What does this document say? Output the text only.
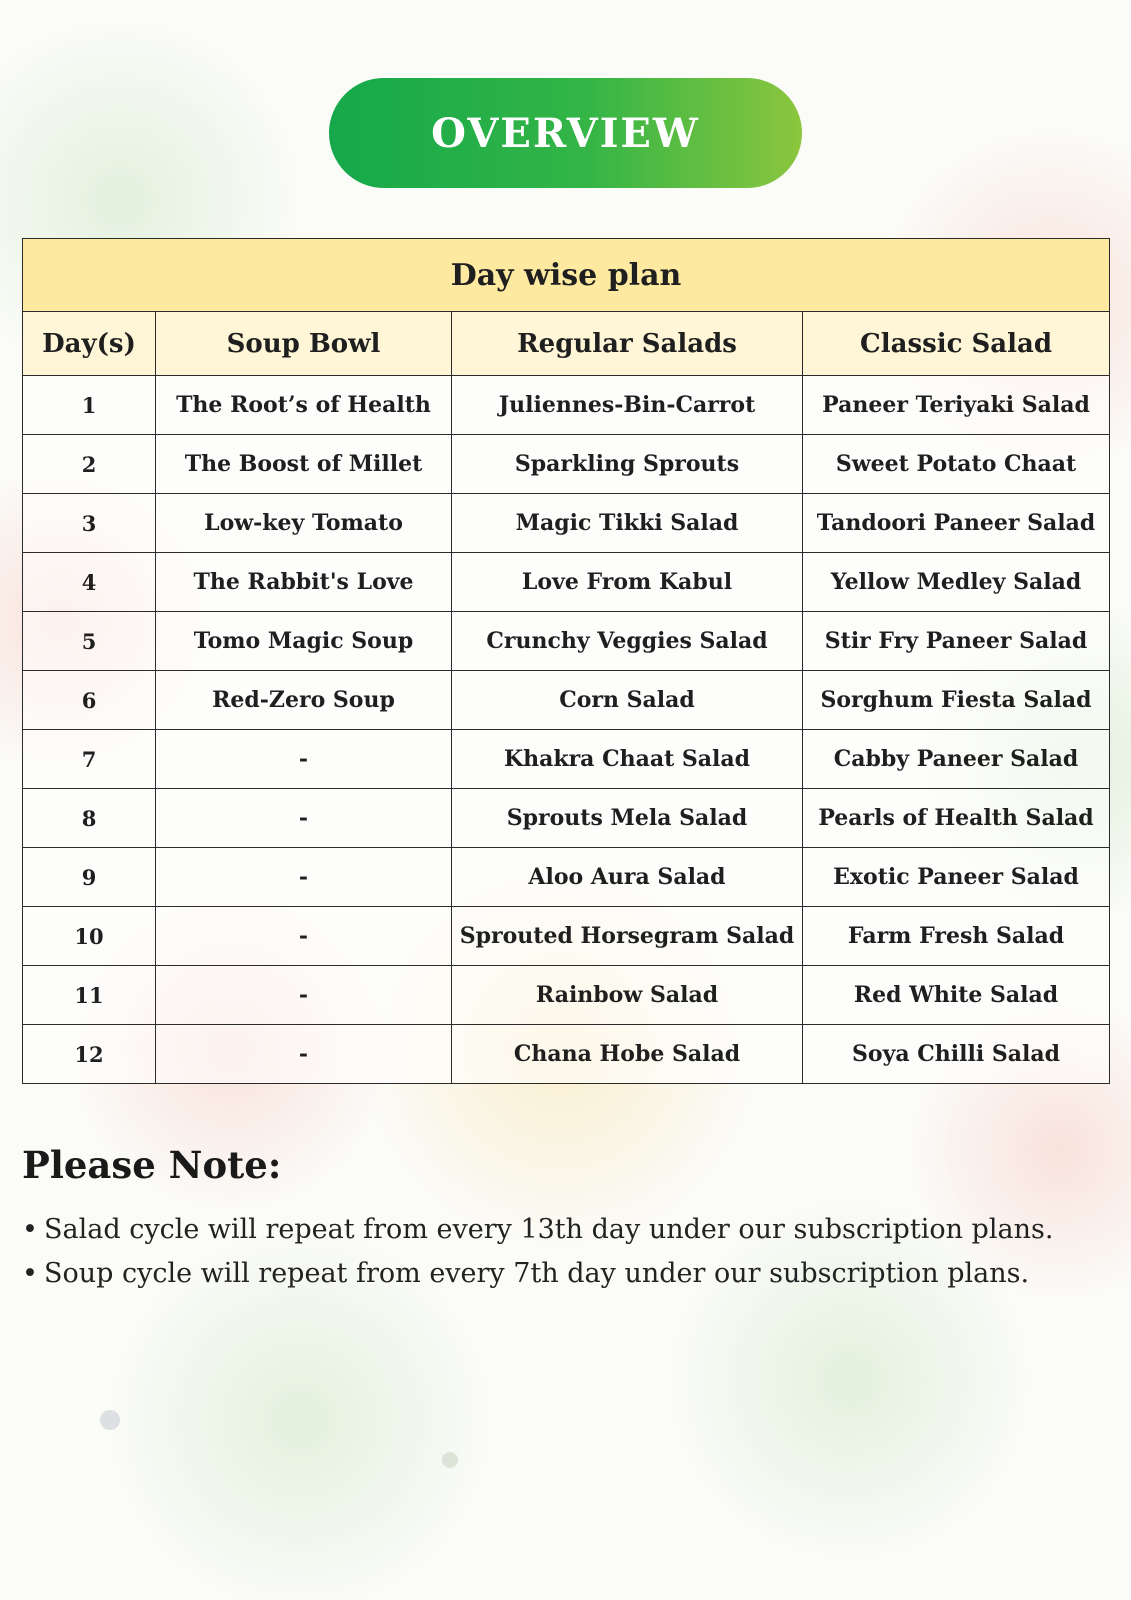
OVERVIEW
Day wise plan			
Day(s)	Soup Bowl	Regular Salads	Classic Salad
1	The Root’s of Health	Juliennes-Bin-Carrot	Paneer Teriyaki Salad
2	The Boost of Millet	Sparkling Sprouts	Sweet Potato Chaat
3	Low-key Tomato	Magic Tikki Salad	Tandoori Paneer Salad
4	The Rabbit's Love	Love From Kabul	Yellow Medley Salad
5	Tomo Magic Soup	Crunchy Veggies Salad	Stir Fry Paneer Salad
6	Red-Zero Soup	Corn Salad	Sorghum Fiesta Salad
7	-	Khakra Chaat Salad	Cabby Paneer Salad
8	-	Sprouts Mela Salad	Pearls of Health Salad
9	-	Aloo Aura Salad	Exotic Paneer Salad
10	-	Sprouted Horsegram Salad	Farm Fresh Salad
11	-	Rainbow Salad	Red White Salad
12	-	Chana Hobe Salad	Soya Chilli Salad
Please Note:
• Salad cycle will repeat from every 13th day under our subscription plans.
• Soup cycle will repeat from every 7th day under our subscription plans.
